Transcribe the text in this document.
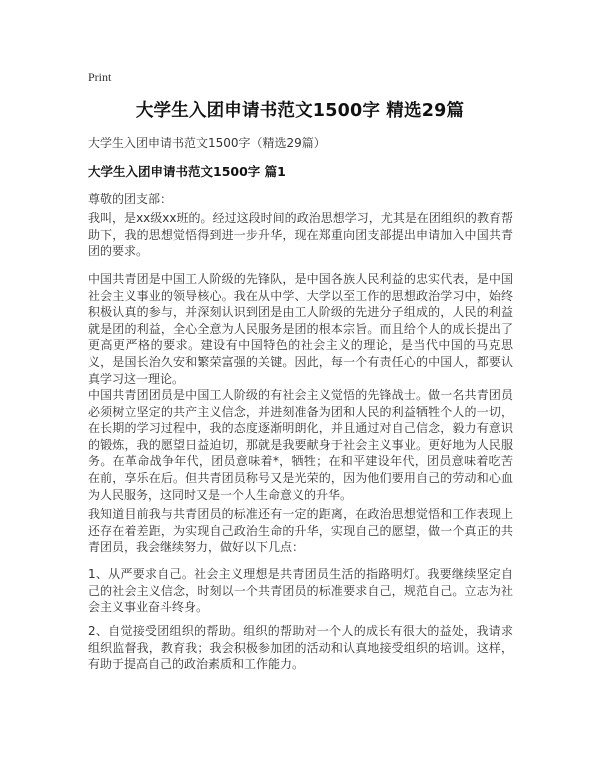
Print
大学生入团申请书范文1500字 精选29篇
大学生入团申请书范文1500字（精选29篇）
大学生入团申请书范文1500字 篇1
尊敬的团支部：

我叫，是xx级xx班的。经过这段时间的政治思想学习，尤其是在团组织的教育帮助下，我的思想觉悟得到进一步升华，现在郑重向团支部提出申请加入中国共青团的要求。

中国共青团是中国工人阶级的先锋队，是中国各族人民利益的忠实代表，是中国社会主义事业的领导核心。我在从中学、大学以至工作的思想政治学习中，始终积极认真的参与，并深刻认识到团是由工人阶级的先进分子组成的，人民的利益就是团的利益，全心全意为人民服务是团的根本宗旨。而且给个人的成长提出了更高更严格的要求。建设有中国特色的社会主义的理论，是当代中国的马克思义，是国长治久安和繁荣富强的关键。因此，每一个有责任心的中国人，都要认真学习这一理论。

中国共青团团员是中国工人阶级的有社会主义觉悟的先锋战士。做一名共青团员必须树立坚定的共产主义信念，并进刻准备为团和人民的利益牺牲个人的一切，在长期的学习过程中，我的态度逐渐明朗化，并且通过对自己信念，毅力有意识的锻炼，我的愿望日益迫切，那就是我要献身于社会主义事业。更好地为人民服务。在革命战争年代，团员意味着*，牺牲；在和平建设年代，团员意味着吃苦在前，享乐在后。但共青团员称号又是光荣的，因为他们要用自己的劳动和心血为人民服务，这同时又是一个人生命意义的升华。

我知道目前我与共青团员的标准还有一定的距离，在政治思想觉悟和工作表现上还存在着差距，为实现自己政治生命的升华，实现自己的愿望，做一个真正的共青团员，我会继续努力，做好以下几点：

1、从严要求自己。社会主义理想是共青团员生活的指路明灯。我要继续坚定自己的社会主义信念，时刻以一个共青团员的标准要求自己，规范自己。立志为社会主义事业奋斗终身。

2、自觉接受团组织的帮助。组织的帮助对一个人的成长有很大的益处，我请求组织监督我，教育我；我会积极参加团的活动和认真地接受组织的培训。这样，有助于提高自己的政治素质和工作能力。
